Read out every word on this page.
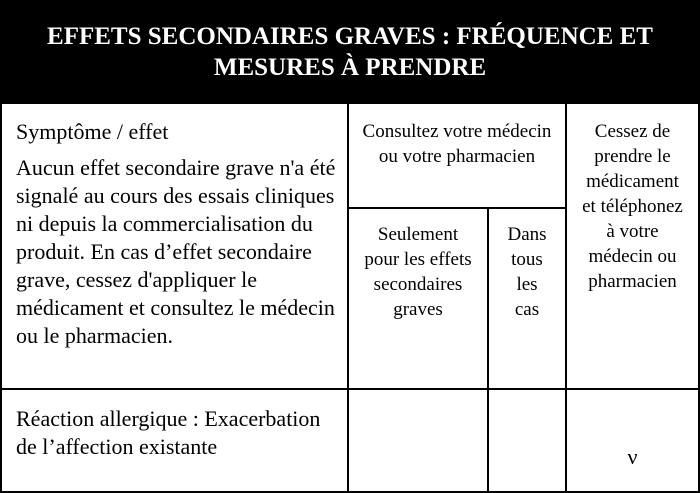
EFFETS SECONDAIRES GRAVES : FRÉQUENCE ET MESURES À PRENDRE
Symptôme / effet
Aucun effet secondaire grave n'a été signalé au cours des essais cliniques ni depuis la commercialisation du produit. En cas d’effet secondaire grave, cessez d'appliquer le médicament et consultez le médecin ou le pharmacien.
Consultez votre médecin ou votre pharmacien
Seulement pour les effets secondaires graves
Dans tous les cas
Cessez de prendre le médicament et téléphonez à votre médecin ou pharmacien
Réaction allergique : Exacerbation de l’affection existante	ν
